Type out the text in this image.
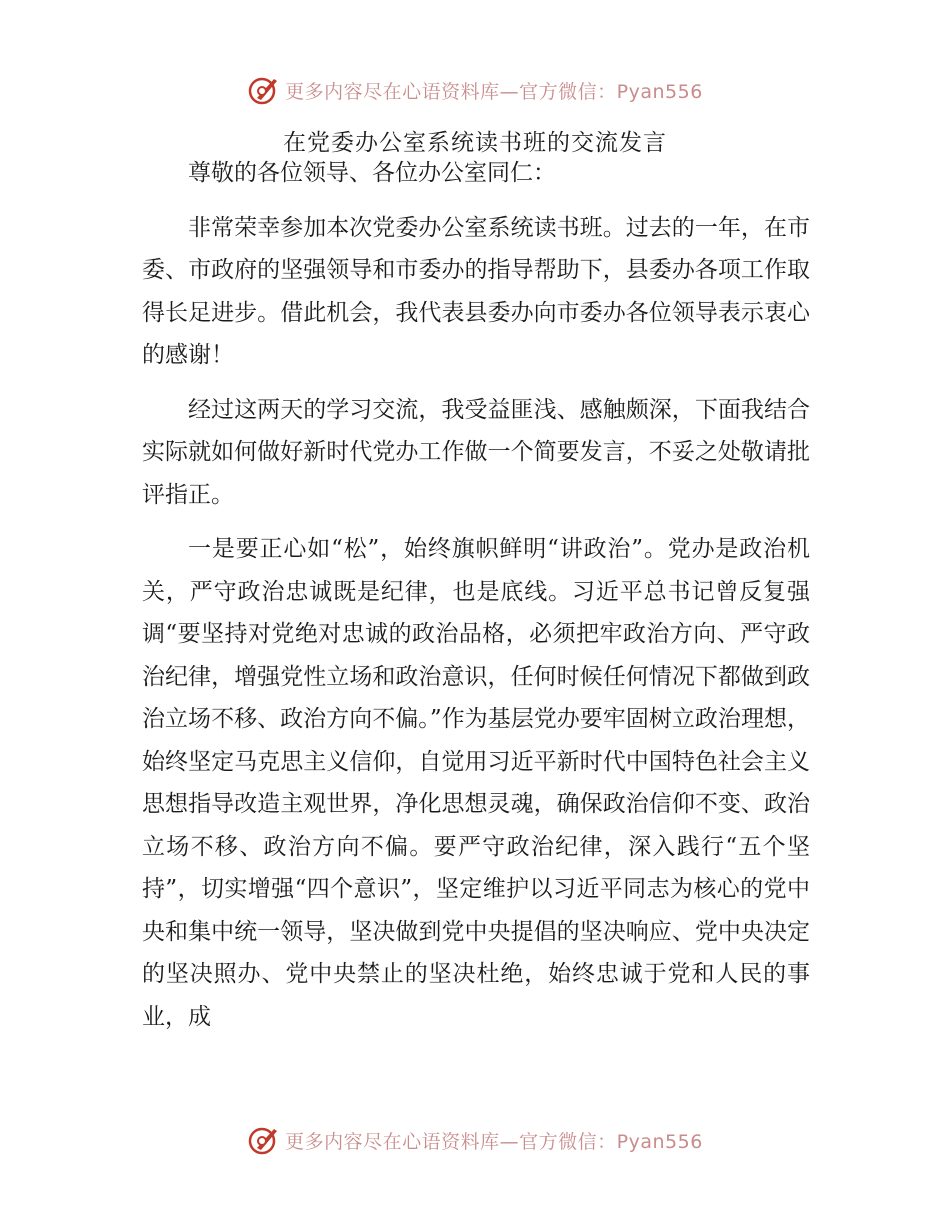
更多内容尽在心语资料库—官方微信：Pyan556
在党委办公室系统读书班的交流发言

尊敬的各位领导、各位办公室同仁：

非常荣幸参加本次党委办公室系统读书班。过去的一年，在市委、市政府的坚强领导和市委办的指导帮助下，县委办各项工作取得长足进步。借此机会，我代表县委办向市委办各位领导表示衷心的感谢！

经过这两天的学习交流，我受益匪浅、感触颇深，下面我结合实际就如何做好新时代党办工作做一个简要发言，不妥之处敬请批评指正。

一是要正心如“松”，始终旗帜鲜明“讲政治”。党办是政治机关，严守政治忠诚既是纪律，也是底线。习近平总书记曾反复强调“要坚持对党绝对忠诚的政治品格，必须把牢政治方向、严守政治纪律，增强党性立场和政治意识，任何时候任何情况下都做到政治立场不移、政治方向不偏。”作为基层党办要牢固树立政治理想，始终坚定马克思主义信仰，自觉用习近平新时代中国特色社会主义思想指导改造主观世界，净化思想灵魂，确保政治信仰不变、政治立场不移、政治方向不偏。要严守政治纪律，深入践行“五个坚持”，切实增强“四个意识”，坚定维护以习近平同志为核心的党中央和集中统一领导，坚决做到党中央提倡的坚决响应、党中央决定的坚决照办、党中央禁止的坚决杜绝，始终忠诚于党和人民的事业，成

更多内容尽在心语资料库—官方微信：Pyan556
